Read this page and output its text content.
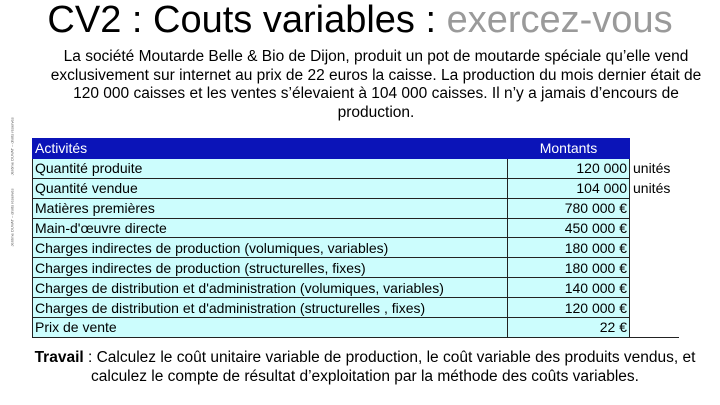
CV2 : Couts variables : exercez-vous
Jérôme DUVAT – droits réservés Jérôme DUVAT – droits réservés
La société Moutarde Belle & Bio de Dijon, produit un pot de moutarde spéciale qu’elle vend exclusivement sur internet au prix de 22 euros la caisse. La production du mois dernier était de 120 000 caisses et les ventes s’élevaient à 104 000 caisses. Il n’y a jamais d’encours de production.
Activités	Montants	
Quantité produite	120 000	unités
Quantité vendue	104 000	unités
Matières premières	780 000 €	
Main-d'œuvre directe	450 000 €	
Charges indirectes de production (volumiques, variables)	180 000 €	
Charges indirectes de production (structurelles, fixes)	180 000 €	
Charges de distribution et d'administration (volumiques, variables)	140 000 €	
Charges de distribution et d'administration (structurelles , fixes)	120 000 €	
Prix de vente	22 €	
Travail : Calculez le coût unitaire variable de production, le coût variable des produits vendus, et calculez le compte de résultat d’exploitation par la méthode des coûts variables.
